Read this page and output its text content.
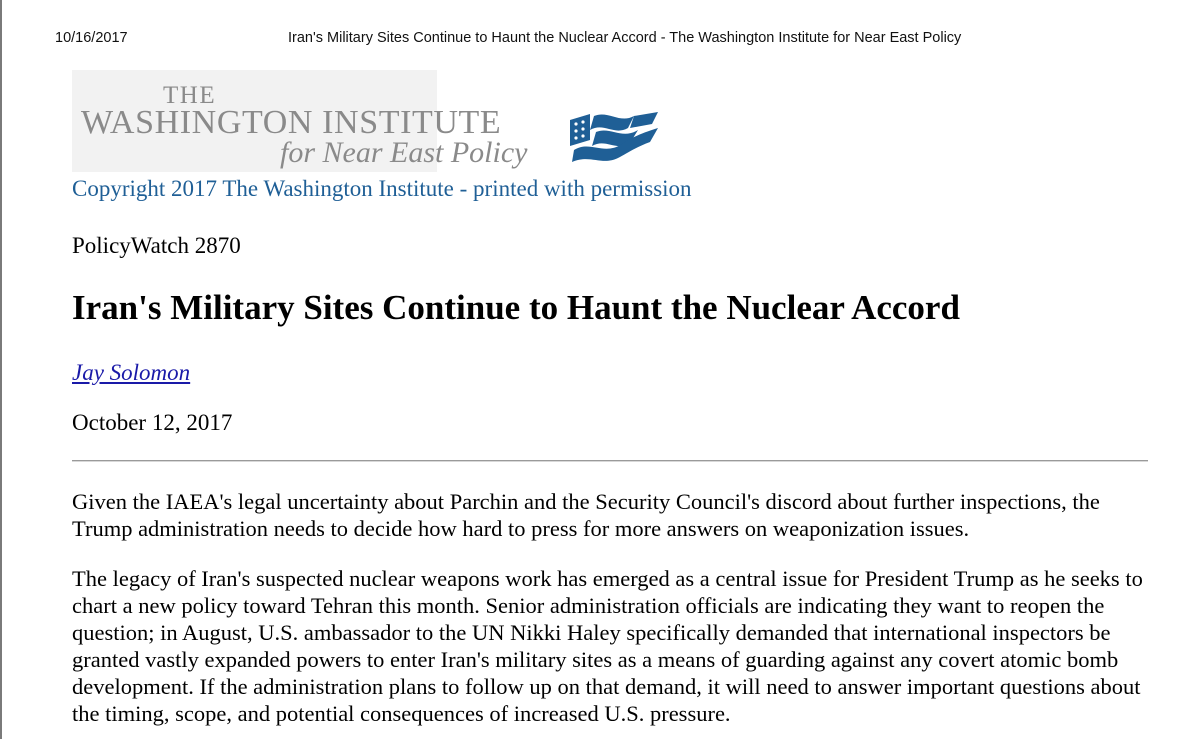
10/16/2017	Iran's Military Sites Continue to Haunt the Nuclear Accord - The Washington Institute for Near East Policy
THE
WASHINGTON INSTITUTE
for Near East Policy
Copyright 2017 The Washington Institute - printed with permission
PolicyWatch 2870
Iran's Military Sites Continue to Haunt the Nuclear Accord
Jay Solomon
October 12, 2017

Given the IAEA's legal uncertainty about Parchin and the Security Council's discord about further inspections, the Trump administration needs to decide how hard to press for more answers on weaponization issues.

The legacy of Iran's suspected nuclear weapons work has emerged as a central issue for President Trump as he seeks to chart a new policy toward Tehran this month. Senior administration officials are indicating they want to reopen the question; in August, U.S. ambassador to the UN Nikki Haley specifically demanded that international inspectors be granted vastly expanded powers to enter Iran's military sites as a means of guarding against any covert atomic bomb development. If the administration plans to follow up on that demand, it will need to answer important questions about the timing, scope, and potential consequences of increased U.S. pressure.
